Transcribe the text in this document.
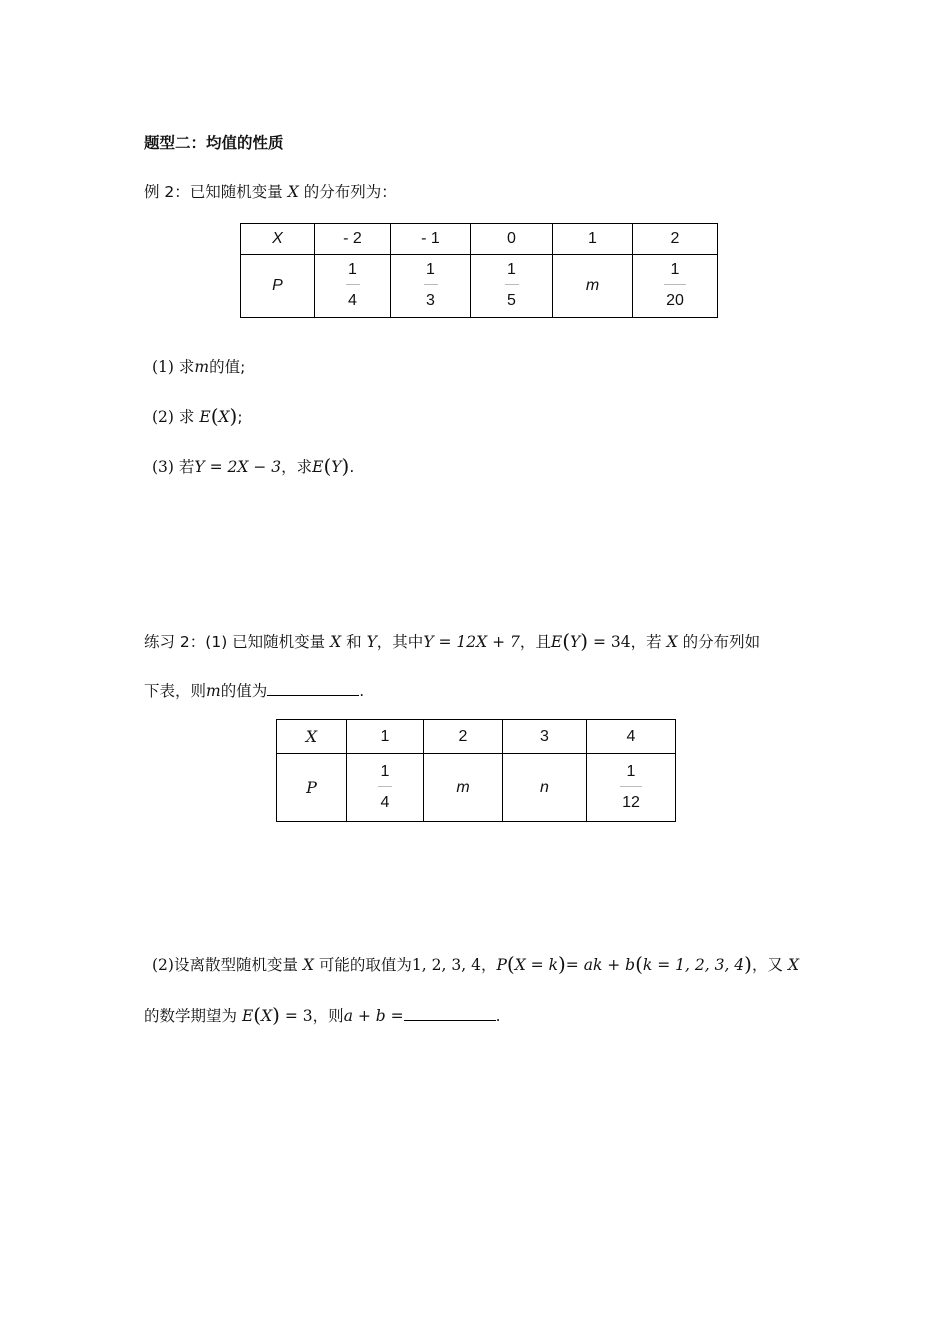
题型二：均值的性质
例 2：已知随机变量 X 的分布列为：
X	- 2	- 1	0	1	2
P	$\frac{1}{4}$	$\frac{1}{3}$	$\frac{1}{5}$	m	$\frac{1}{20}$
(1) 求m的值;
(2) 求 E(X);
(3) 若Y = 2X − 3，求E(Y).
练习 2：(1) 已知随机变量 X 和 Y，其中Y = 12X + 7，且E(Y) = 34，若 X 的分布列如
下表，则m的值为	.
X	1	2	3	4
P	$\frac{1}{4}$	m	n	$\frac{1}{12}$
(2)设离散型随机变量 X 可能的取值为1, 2, 3, 4，P(X = k)= ak + b(k = 1, 2, 3, 4)，又 X
的数学期望为 E(X) = 3，则a + b =	.
